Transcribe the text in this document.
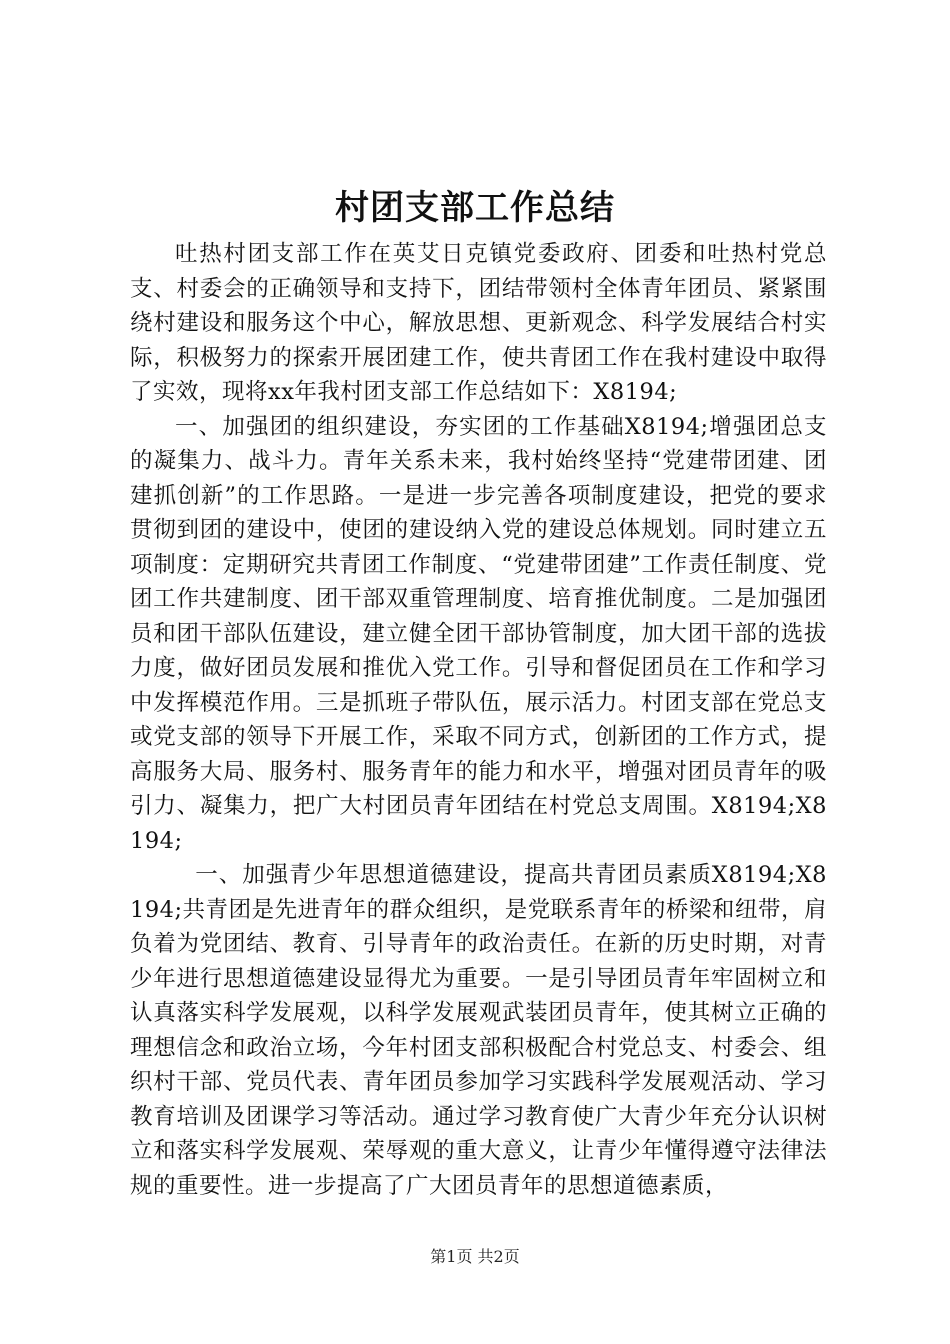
村团支部工作总结

吐热村团支部工作在英艾日克镇党委政府、团委和吐热村党总支、村委会的正确领导和支持下，团结带领村全体青年团员、紧紧围绕村建设和服务这个中心，解放思想、更新观念、科学发展结合村实际，积极努力的探索开展团建工作，使共青团工作在我村建设中取得了实效，现将xx年我村团支部工作总结如下：X8194;

一、加强团的组织建设，夯实团的工作基础X8194;增强团总支的凝集力、战斗力。青年关系未来，我村始终坚持“党建带团建、团建抓创新”的工作思路。一是进一步完善各项制度建设，把党的要求贯彻到团的建设中，使团的建设纳入党的建设总体规划。同时建立五项制度：定期研究共青团工作制度、“党建带团建”工作责任制度、党团工作共建制度、团干部双重管理制度、培育推优制度。二是加强团员和团干部队伍建设，建立健全团干部协管制度，加大团干部的选拔力度，做好团员发展和推优入党工作。引导和督促团员在工作和学习中发挥模范作用。三是抓班子带队伍，展示活力。村团支部在党总支或党支部的领导下开展工作，采取不同方式，创新团的工作方式，提高服务大局、服务村、服务青年的能力和水平，增强对团员青年的吸引力、凝集力，把广大村团员青年团结在村党总支周围。X8194;X8194;

一、加强青少年思想道德建设，提高共青团员素质X8194;X8194;共青团是先进青年的群众组织，是党联系青年的桥梁和纽带，肩负着为党团结、教育、引导青年的政治责任。在新的历史时期，对青少年进行思想道德建设显得尤为重要。一是引导团员青年牢固树立和认真落实科学发展观，以科学发展观武装团员青年，使其树立正确的理想信念和政治立场，今年村团支部积极配合村党总支、村委会、组织村干部、党员代表、青年团员参加学习实践科学发展观活动、学习教育培训及团课学习等活动。通过学习教育使广大青少年充分认识树立和落实科学发展观、荣辱观的重大意义，让青少年懂得遵守法律法规的重要性。进一步提高了广大团员青年的思想道德素质，

第1页 共2页
